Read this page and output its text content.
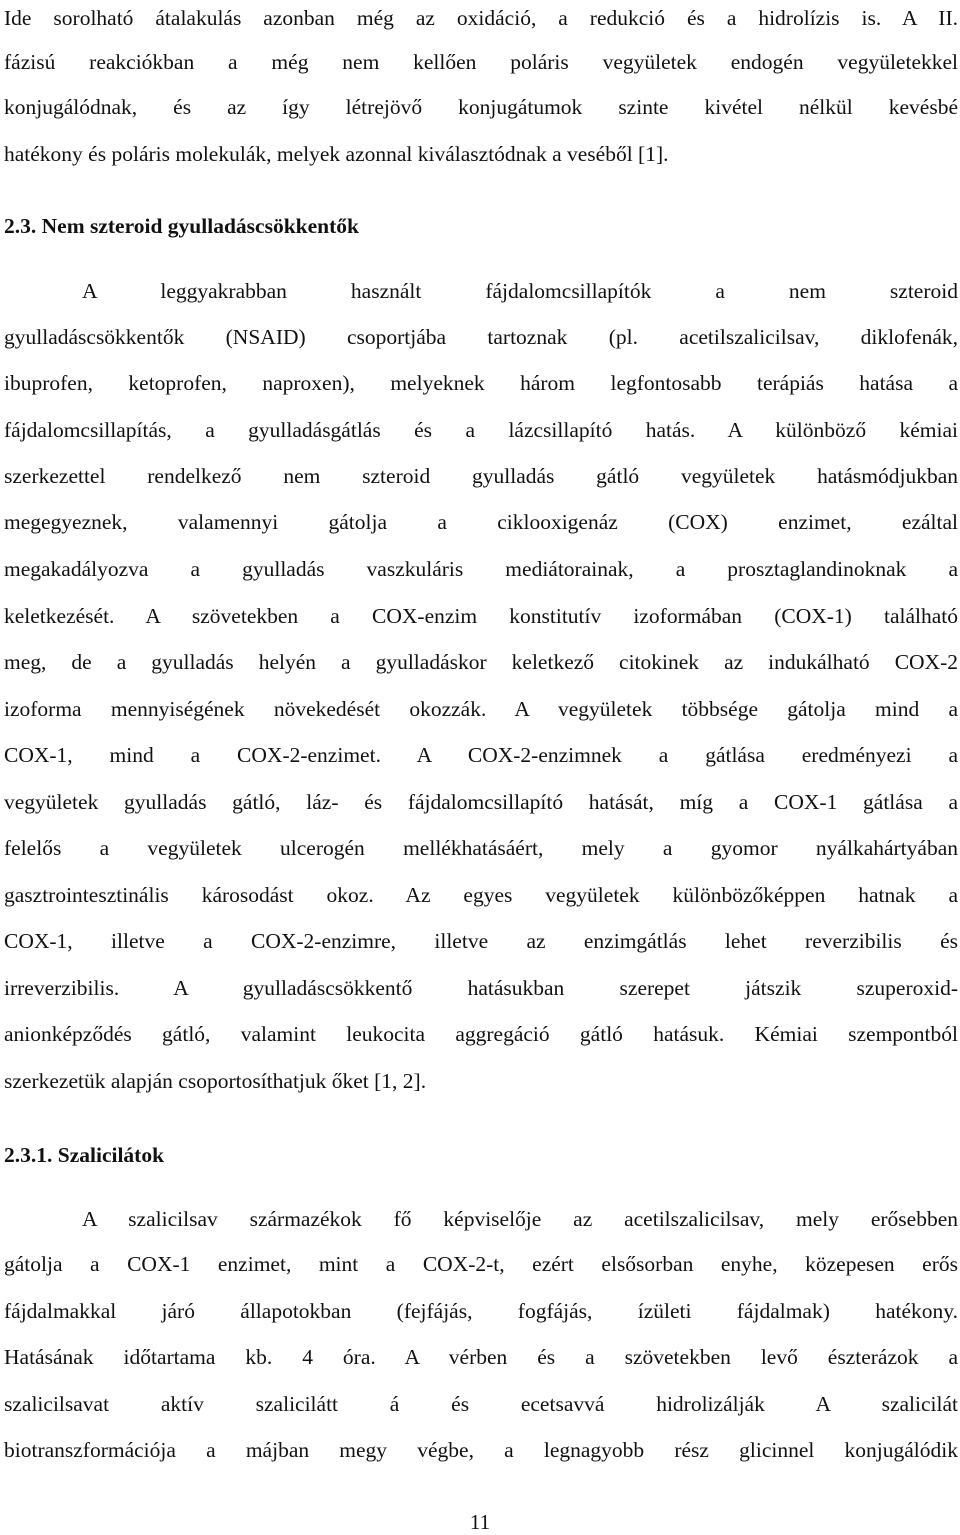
Ide sorolható átalakulás azonban még az oxidáció, a redukció és a hidrolízis is. A II.
fázisú reakciókban a még nem kellően poláris vegyületek endogén vegyületekkel
konjugálódnak, és az így létrejövő konjugátumok szinte kivétel nélkül kevésbé
hatékony és poláris molekulák, melyek azonnal kiválasztódnak a veséből [1].
2.3. Nem szteroid gyulladáscsökkentők
A leggyakrabban használt fájdalomcsillapítók a nem szteroid
gyulladáscsökkentők (NSAID) csoportjába tartoznak (pl. acetilszalicilsav, diklofenák,
ibuprofen, ketoprofen, naproxen), melyeknek három legfontosabb terápiás hatása a
fájdalomcsillapítás, a gyulladásgátlás és a lázcsillapító hatás. A különböző kémiai
szerkezettel rendelkező nem szteroid gyulladás gátló vegyületek hatásmódjukban
megegyeznek, valamennyi gátolja a ciklooxigenáz (COX) enzimet, ezáltal
megakadályozva a gyulladás vaszkuláris mediátorainak, a prosztaglandinoknak a
keletkezését. A szövetekben a COX-enzim konstitutív izoformában (COX-1) található
meg, de a gyulladás helyén a gyulladáskor keletkező citokinek az indukálható COX-2
izoforma mennyiségének növekedését okozzák. A vegyületek többsége gátolja mind a
COX-1, mind a COX-2-enzimet. A COX-2-enzimnek a gátlása eredményezi a
vegyületek gyulladás gátló, láz- és fájdalomcsillapító hatását, míg a COX-1 gátlása a
felelős a vegyületek ulcerogén mellékhatásáért, mely a gyomor nyálkahártyában
gasztrointesztinális károsodást okoz. Az egyes vegyületek különbözőképpen hatnak a
COX-1, illetve a COX-2-enzimre, illetve az enzimgátlás lehet reverzibilis és
irreverzibilis. A gyulladáscsökkentő hatásukban szerepet játszik szuperoxid-
anionképződés gátló, valamint leukocita aggregáció gátló hatásuk. Kémiai szempontból
szerkezetük alapján csoportosíthatjuk őket [1, 2].
2.3.1. Szalicilátok
A szalicilsav származékok fő képviselője az acetilszalicilsav, mely erősebben
gátolja a COX-1 enzimet, mint a COX-2-t, ezért elsősorban enyhe, közepesen erős
fájdalmakkal járó állapotokban (fejfájás, fogfájás, ízületi fájdalmak) hatékony.
Hatásának időtartama kb. 4 óra. A vérben és a szövetekben levő észterázok a
szalicilsavat aktív szalicilátt á és ecetsavvá hidrolizálják A szalicilát
biotranszformációja a májban megy végbe, a legnagyobb rész glicinnel konjugálódik
11
